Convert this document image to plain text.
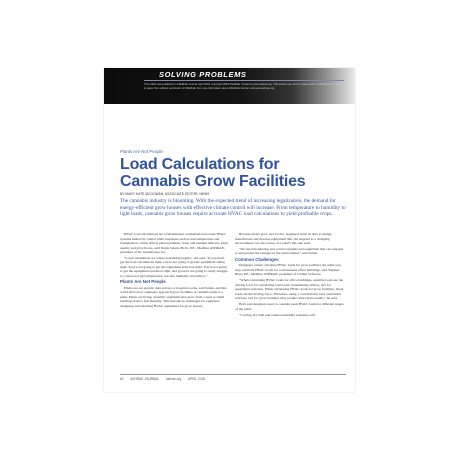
SOLVING PROBLEMS
This article was published in ASHRAE Journal, April 2018. Copyright 2018 ASHRAE. Posted at www.ashrae.org. This article may not be copied and/or distributed electronically or in paper form without permission of ASHRAE. For more information about ASHRAE Journal, visit www.ashrae.org.
Plants Are Not People
Load Calculations for Cannabis Grow Facilities
BY MARY KATE MCGOWAN, ASSOCIATE EDITOR, NEWS
The cannabis industry is blooming. With the expected trend of increasing legalization, the demand for energy-efficient grow houses with effective climate control will increase. From temperature to humidity to light loads, cannabis grow houses require accurate HVAC load calculations to yield profitable crops.

HVAC load calculations are a fundamental consideration because HVAC systems indirectly control plant responses such as leaf temperature and transpiration, which affects photosynthesis, water and nutrient delivery, plant quality and growth rate, said Nadia Sabeh, Ph.D., P.E., Member ASHRAE, president of Dr. Greenhouse, Inc.

"Load calculations are where everything begins," she said. "If you don't get the load calculations right, you're not going to get the equipment sizing right. You're not going to get the equipment selection right. You're not going to get the equipment operation right, and growers are going to really struggle to control not just temperature, but also humidity and airflow."

Plants Are Not People

Plants are not people: data servers or hospital rooms, said Sabeh, and this could affect how engineers approach grow facilities. A cannabis plant is a plant. Plants are living, dynamic organisms that grow from a seed or small seedling plant to full maturity. This introduces challenges for engineers designing and selecting HVAC equipment for grow houses.

Because plants grow and evolve, engineers must be able to design, manufacture and develop equipment that can respond to a changing environment over the course of a plant's life, she said.

"We need monitoring and control systems and equipment that can respond to and predict the changes in the environment," said Sabeh.

Common Challenges

Designers cannot calculate HVAC loads for grow facilities the same way they calculate HVAC loads for conventional office buildings, said Stephen Brett, P.E., Member ASHRAE, president of Carmel Software.

"When calculating HVAC loads for office buildings, sensible loads are the driving force for calculating total loads, determining airflow, and for equipment selection. When calculating HVAC loads for grow facilities, latent loads are the driving force. Therefore, using a conventional load calculation software tool for grow facilities may produce inaccurate results," he said.

Both said designers need to consider peak HVAC loads for different stages of the plant.

"Cooling dry bulb and relative humidity setpoints will

62 ASHRAE JOURNAL ashrae.org APRIL 2018
